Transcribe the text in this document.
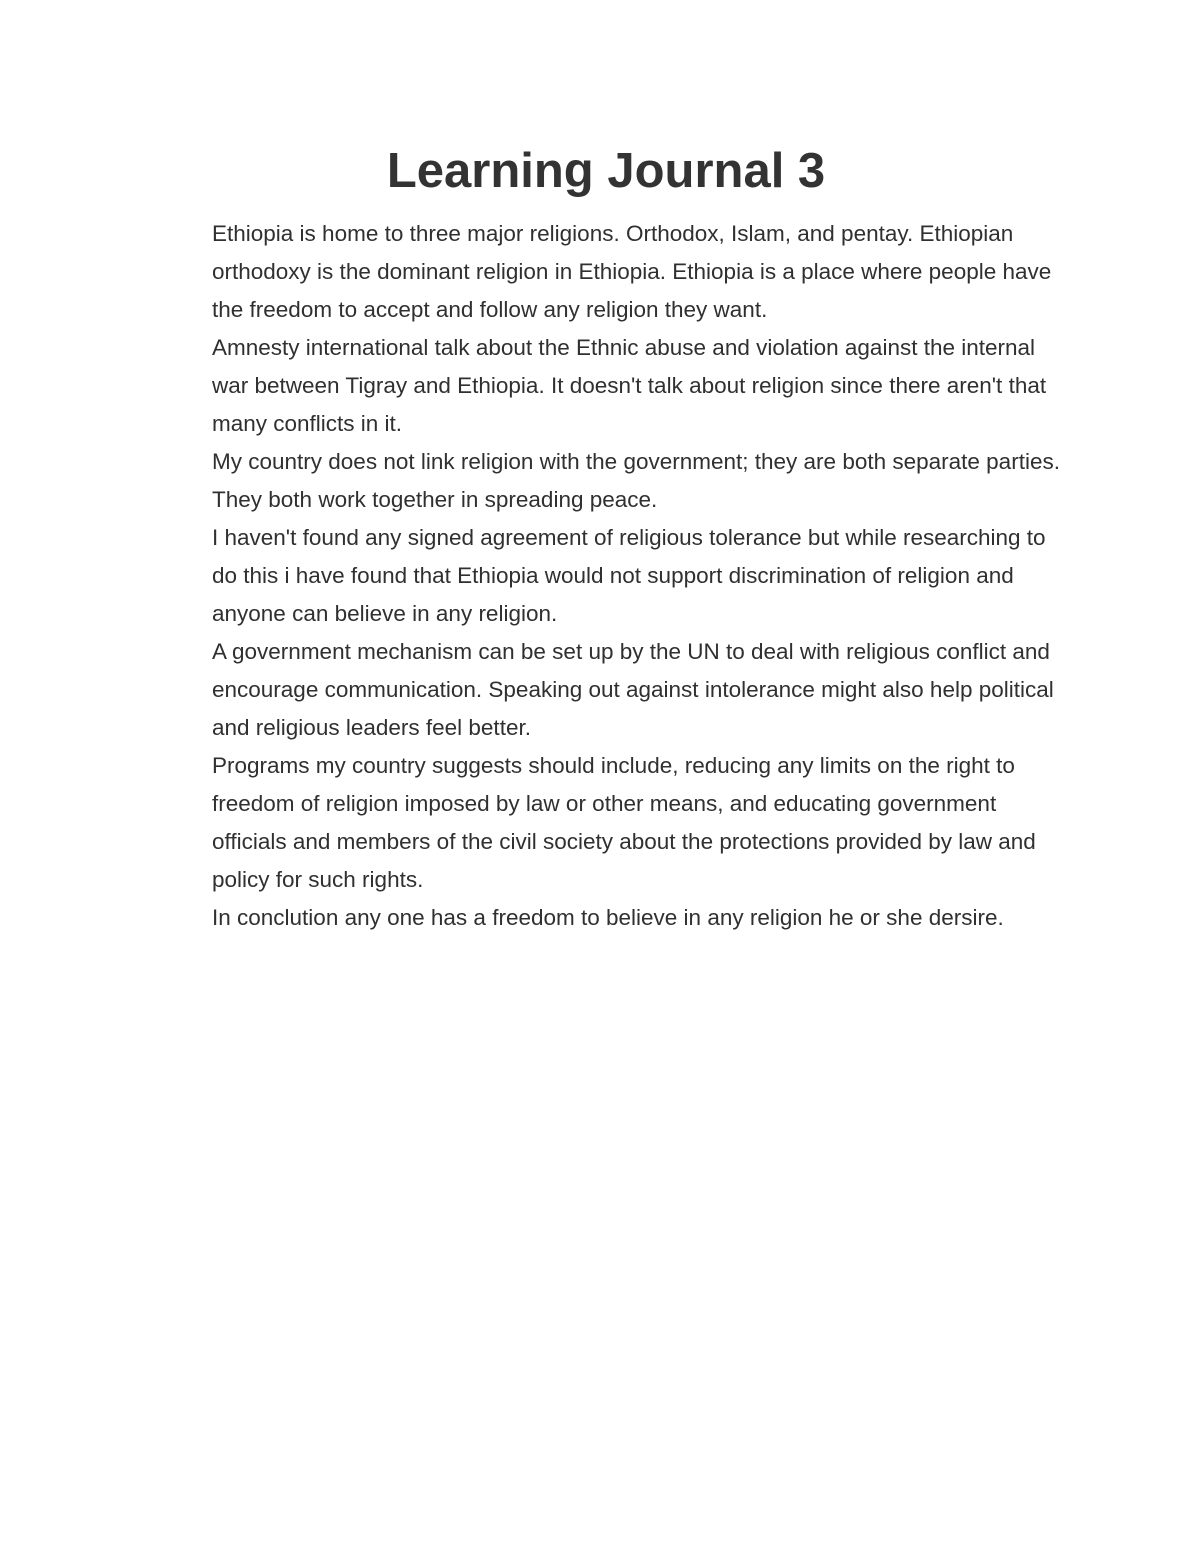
Learning Journal 3

Ethiopia is home to three major religions. Orthodox, Islam, and pentay. Ethiopian orthodoxy is the dominant religion in Ethiopia. Ethiopia is a place where people have the freedom to accept and follow any religion they want.

Amnesty international talk about the Ethnic abuse and violation against the internal war between Tigray and Ethiopia. It doesn't talk about religion since there aren't that many conflicts in it.

My country does not link religion with the government; they are both separate parties. They both work together in spreading peace.

I haven't found any signed agreement of religious tolerance but while researching to do this i have found that Ethiopia would not support discrimination of religion and anyone can believe in any religion.

A government mechanism can be set up by the UN to deal with religious conflict and encourage communication. Speaking out against intolerance might also help political and religious leaders feel better.

Programs my country suggests should include, reducing any limits on the right to freedom of religion imposed by law or other means, and educating government officials and members of the civil society about the protections provided by law and policy for such rights.

In conclution any one has a freedom to believe in any religion he or she dersire.
